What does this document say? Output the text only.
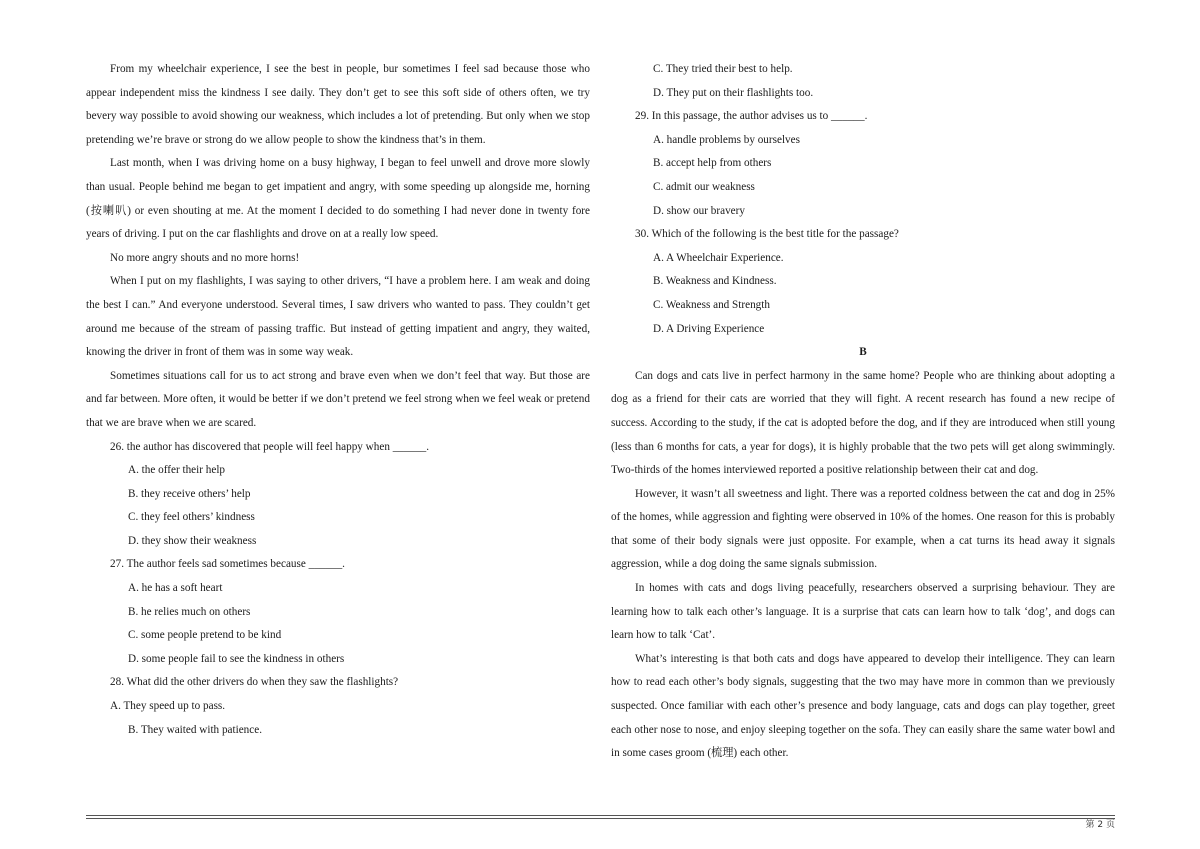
From my wheelchair experience, I see the best in people, bur sometimes I feel sad because those who appear independent miss the kindness I see daily. They don’t get to see this soft side of others often, we try bevery way possible to avoid showing our weakness, which includes a lot of pretending. But only when we stop pretending we’re brave or strong do we allow people to show the kindness that’s in them.

Last month, when I was driving home on a busy highway, I began to feel unwell and drove more slowly than usual. People behind me began to get impatient and angry, with some speeding up alongside me, horning (按喇叭) or even shouting at me. At the moment I decided to do something I had never done in twenty fore years of driving. I put on the car flashlights and drove on at a really low speed.

No more angry shouts and no more horns!

When I put on my flashlights, I was saying to other drivers, “I have a problem here. I am weak and doing the best I can.” And everyone understood. Several times, I saw drivers who wanted to pass. They couldn’t get around me because of the stream of passing traffic. But instead of getting impatient and angry, they waited, knowing the driver in front of them was in some way weak.

Sometimes situations call for us to act strong and brave even when we don’t feel that way. But those are and far between. More often, it would be better if we don’t pretend we feel strong when we feel weak or pretend that we are brave when we are scared.

26. the author has discovered that people will feel happy when ______.

A. the offer their help

B. they receive others’ help

C. they feel others’ kindness

D. they show their weakness

27. The author feels sad sometimes because ______.

A. he has a soft heart

B. he relies much on others

C. some people pretend to be kind

D. some people fail to see the kindness in others

28. What did the other drivers do when they saw the flashlights?

A. They speed up to pass.

B. They waited with patience.

C. They tried their best to help.

D. They put on their flashlights too.

29. In this passage, the author advises us to ______.

A. handle problems by ourselves

B. accept help from others

C. admit our weakness

D. show our bravery

30. Which of the following is the best title for the passage?

A. A Wheelchair Experience.

B. Weakness and Kindness.

C. Weakness and Strength

D. A Driving Experience

B

Can dogs and cats live in perfect harmony in the same home? People who are thinking about adopting a dog as a friend for their cats are worried that they will fight. A recent research has found a new recipe of success. According to the study, if the cat is adopted before the dog, and if they are introduced when still young (less than 6 months for cats, a year for dogs), it is highly probable that the two pets will get along swimmingly. Two-thirds of the homes interviewed reported a positive relationship between their cat and dog.

However, it wasn’t all sweetness and light. There was a reported coldness between the cat and dog in 25% of the homes, while aggression and fighting were observed in 10% of the homes. One reason for this is probably that some of their body signals were just opposite. For example, when a cat turns its head away it signals aggression, while a dog doing the same signals submission.

In homes with cats and dogs living peacefully, researchers observed a surprising behaviour. They are learning how to talk each other’s language. It is a surprise that cats can learn how to talk ‘dog’, and dogs can learn how to talk ‘Cat’.

What’s interesting is that both cats and dogs have appeared to develop their intelligence. They can learn how to read each other’s body signals, suggesting that the two may have more in common than we previously suspected. Once familiar with each other’s presence and body language, cats and dogs can play together, greet each other nose to nose, and enjoy sleeping together on the sofa. They can easily share the same water bowl and in some cases groom (梳理) each other.

第 2 页
